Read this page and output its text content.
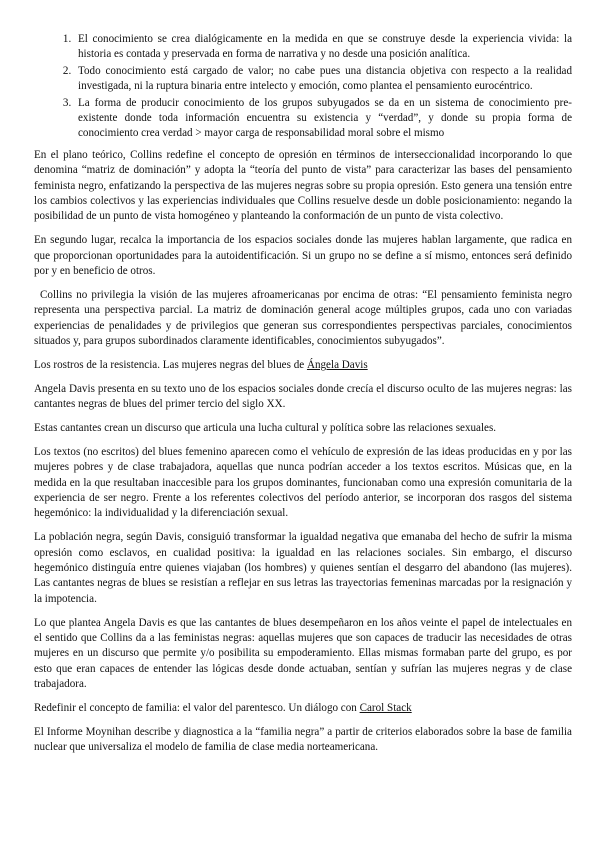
1. El conocimiento se crea dialógicamente en la medida en que se construye desde la experiencia vivida: la historia es contada y preservada en forma de narrativa y no desde una posición analítica.
2. Todo conocimiento está cargado de valor; no cabe pues una distancia objetiva con respecto a la realidad investigada, ni la ruptura binaria entre intelecto y emoción, como plantea el pensamiento eurocéntrico.
3. La forma de producir conocimiento de los grupos subyugados se da en un sistema de conocimiento pre-existente donde toda información encuentra su existencia y “verdad”, y donde su propia forma de conocimiento crea verdad > mayor carga de responsabilidad moral sobre el mismo

En el plano teórico, Collins redefine el concepto de opresión en términos de interseccionalidad incorporando lo que denomina “matriz de dominación” y adopta la “teoría del punto de vista” para caracterizar las bases del pensamiento feminista negro, enfatizando la perspectiva de las mujeres negras sobre su propia opresión. Esto genera una tensión entre los cambios colectivos y las experiencias individuales que Collins resuelve desde un doble posicionamiento: negando la posibilidad de un punto de vista homogéneo y planteando la conformación de un punto de vista colectivo.

En segundo lugar, recalca la importancia de los espacios sociales donde las mujeres hablan largamente, que radica en que proporcionan oportunidades para la autoidentificación. Si un grupo no se define a sí mismo, entonces será definido por y en beneficio de otros.

Collins no privilegia la visión de las mujeres afroamericanas por encima de otras: “El pensamiento feminista negro representa una perspectiva parcial. La matriz de dominación general acoge múltiples grupos, cada uno con variadas experiencias de penalidades y de privilegios que generan sus correspondientes perspectivas parciales, conocimientos situados y, para grupos subordinados claramente identificables, conocimientos subyugados”.

Los rostros de la resistencia. Las mujeres negras del blues de Ángela Davis

Angela Davis presenta en su texto uno de los espacios sociales donde crecía el discurso oculto de las mujeres negras: las cantantes negras de blues del primer tercio del siglo XX.

Estas cantantes crean un discurso que articula una lucha cultural y política sobre las relaciones sexuales.

Los textos (no escritos) del blues femenino aparecen como el vehículo de expresión de las ideas producidas en y por las mujeres pobres y de clase trabajadora, aquellas que nunca podrían acceder a los textos escritos. Músicas que, en la medida en la que resultaban inaccesible para los grupos dominantes, funcionaban como una expresión comunitaria de la experiencia de ser negro. Frente a los referentes colectivos del período anterior, se incorporan dos rasgos del sistema hegemónico: la individualidad y la diferenciación sexual.

La población negra, según Davis, consiguió transformar la igualdad negativa que emanaba del hecho de sufrir la misma opresión como esclavos, en cualidad positiva: la igualdad en las relaciones sociales. Sin embargo, el discurso hegemónico distinguía entre quienes viajaban (los hombres) y quienes sentían el desgarro del abandono (las mujeres). Las cantantes negras de blues se resistían a reflejar en sus letras las trayectorias femeninas marcadas por la resignación y la impotencia.

Lo que plantea Angela Davis es que las cantantes de blues desempeñaron en los años veinte el papel de intelectuales en el sentido que Collins da a las feministas negras: aquellas mujeres que son capaces de traducir las necesidades de otras mujeres en un discurso que permite y/o posibilita su empoderamiento. Ellas mismas formaban parte del grupo, es por esto que eran capaces de entender las lógicas desde donde actuaban, sentían y sufrían las mujeres negras y de clase trabajadora.

Redefinir el concepto de familia: el valor del parentesco. Un diálogo con Carol Stack

El Informe Moynihan describe y diagnostica a la “familia negra” a partir de criterios elaborados sobre la base de familia nuclear que universaliza el modelo de familia de clase media norteamericana.
